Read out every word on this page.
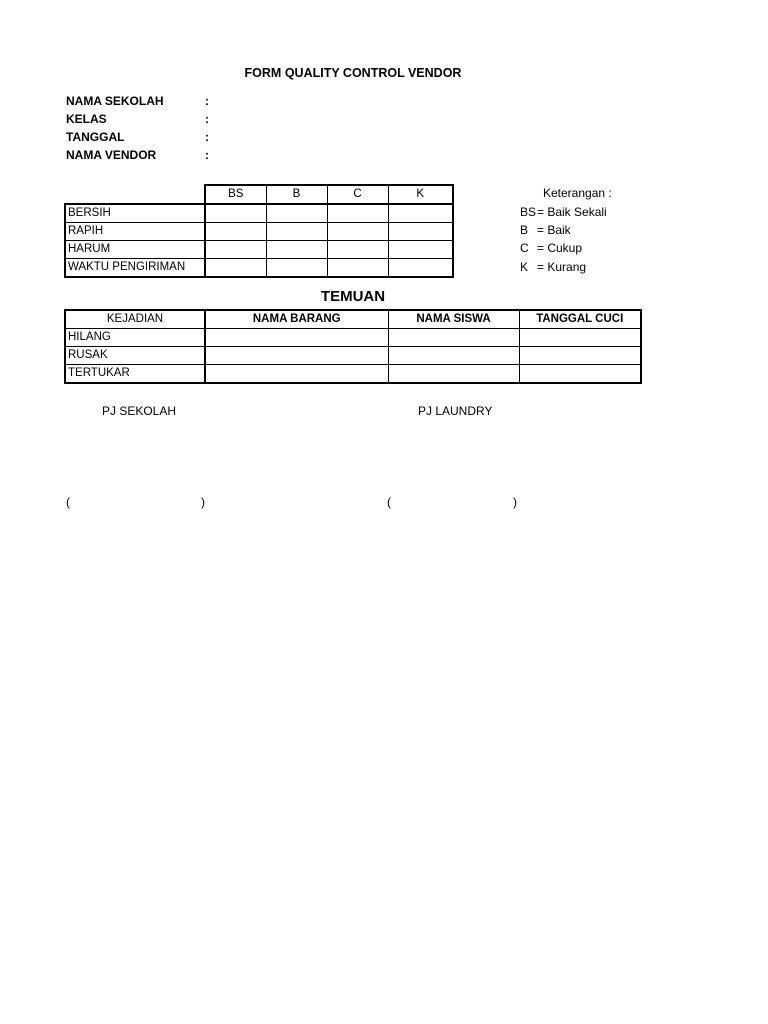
FORM QUALITY CONTROL VENDOR
NAMA SEKOLAH	:
KELAS	:
TANGGAL	:
NAMA VENDOR	:
	BS	B	C	K
BERSIH				
RAPIH				
HARUM				
WAKTU PENGIRIMAN				
Keterangan :
BS = Baik Sekali
B = Baik
C = Cukup
K = Kurang
TEMUAN
KEJADIAN	NAMA BARANG	NAMA SISWA	TANGGAL CUCI
HILANG			
RUSAK			
TERTUKAR			
PJ SEKOLAH	PJ LAUNDRY
(	)	(	)
